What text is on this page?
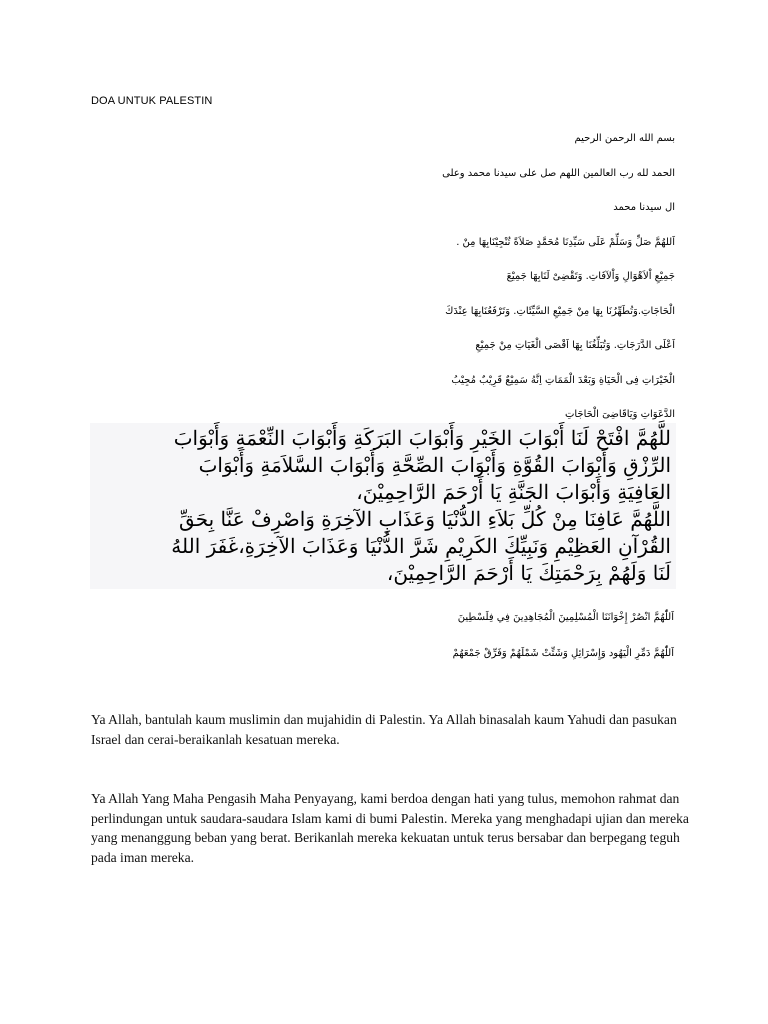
DOA UNTUK PALESTIN
بسم الله الرحمن الرحيم
الحمد لله رب العالمين اللهم صل على سيدنا محمد وعلى
ال سيدنا محمد
اَللهُمَّ صَلِّ وَسَلِّمْ عَلَى سَيِّدِنَا مُحَمَّدٍ صَلاَةً تُنْجِيْنَابِهَا مِنْ .
جَمِيْعِ اْلاَهْوَالِ وَاْلآفَاتِ. وَتَقْضِىْ لَنَابِهَا جَمِيْعَ
الْحَاجَاتِ.وَتُطَهِّرُنَا بِهَا مِنْ جَمِيْعِ السَّيِّئَاتِ. وَتَرْفَعُنَابِهَا عِنْدَكَ
اَعْلَى الدَّرَجَاتِ. وَتُبَلِّغُنَا بِهَا اَقْصَى الْغَيَاتِ مِنْ جَمِيْعِ
الْخَيْرَاتِ فِى الْحَيَاةِ وَبَعْدَ الْمَمَاتِ اِنَّهُ سَمِيْعٌ قَرِيْبٌ مُجِيْبُ
الدَّعَوَاتِ وَيَاقَاضِىَ الْحَاجَاتِ
للَّهُمَّ افْتَحْ لَنَا أَبْوَابَ الخَيْرِ وَأَبْوَابَ البَرَكَةِ وَأَبْوَابَ النِّعْمَةِ وَأَبْوَابَ
الرِّزْقِ وَأَبْوَابَ القُوَّةِ وَأَبْوَابَ الصِّحَّةِ وَأَبْوَابَ السَّلاَمَةِ وَأَبْوَابَ
العَافِيَةِ وَأَبْوَابَ الجَنَّةِ يَا أَرْحَمَ الرَّاحِمِيْنَ،
اللَّهُمَّ عَافِنَا مِنْ كُلِّ بَلاَءِ الدُّنْيَا وَعَذَابِ الآخِرَةِ وَاصْرِفْ عَنَّا بِحَقِّ
القُرْآنِ العَظِيْمِ وَنَبِيِّكَ الكَرِيْمِ شَرَّ الدُّنْيَا وَعَذَابَ الآخِرَةِ،غَفَرَ اللهُ
لَنَا وَلَهُمْ بِرَحْمَتِكَ يَا أَرْحَمَ الرَّاحِمِيْنَ،
اَللّٰهُمَّ انْصُرْ إِخْوَانَنَا الْمُسْلِمِينَ الْمُجَاهِدِينَ فِي فِلَسْطِينَ
اَللّٰهُمَّ دَمِّرِ الْيَهُود وَإِسْرَائِلِ وَشَتِّتْ شَمْلَهُمْ وَفَرِّقْ جَمْعَهُمْ
Ya Allah, bantulah kaum muslimin dan mujahidin di Palestin. Ya Allah binasalah kaum Yahudi dan pasukan Israel dan cerai-beraikanlah kesatuan mereka.
Ya Allah Yang Maha Pengasih Maha Penyayang, kami berdoa dengan hati yang tulus, memohon rahmat dan perlindungan untuk saudara-saudara Islam kami di bumi Palestin. Mereka yang menghadapi ujian dan mereka yang menanggung beban yang berat. Berikanlah mereka kekuatan untuk terus bersabar dan berpegang teguh pada iman mereka.
